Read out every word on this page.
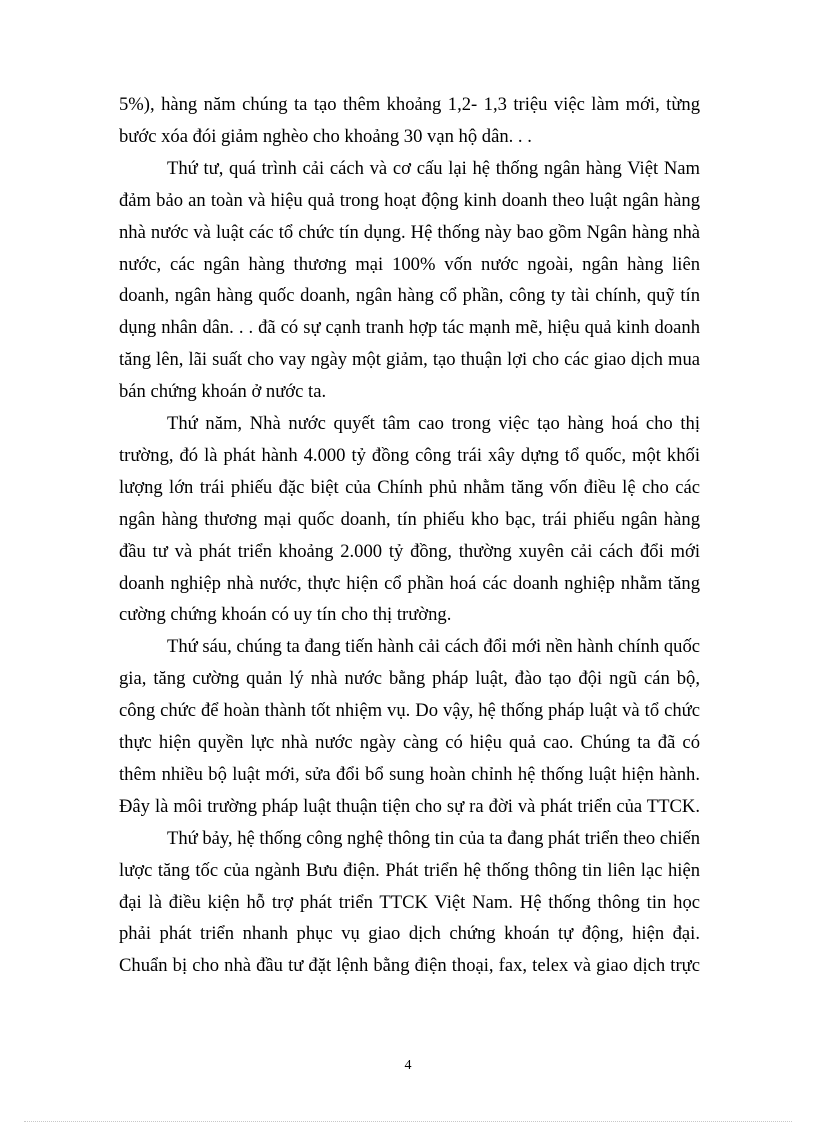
5%), hàng năm chúng ta tạo thêm khoảng 1,2- 1,3 triệu việc làm mới, từng
bước xóa đói giảm nghèo cho khoảng 30 vạn hộ dân. . .
Thứ tư, quá trình cải cách và cơ cấu lại hệ thống ngân hàng Việt Nam
đảm bảo an toàn và hiệu quả trong hoạt động kinh doanh theo luật ngân hàng
nhà nước và luật các tổ chức tín dụng. Hệ thống này bao gồm Ngân hàng nhà
nước, các ngân hàng thương mại 100% vốn nước ngoài, ngân hàng liên
doanh, ngân hàng quốc doanh, ngân hàng cổ phần, công ty tài chính, quỹ tín
dụng nhân dân. . . đã có sự cạnh tranh hợp tác mạnh mẽ, hiệu quả kinh doanh
tăng lên, lãi suất cho vay ngày một giảm, tạo thuận lợi cho các giao dịch mua
bán chứng khoán ở nước ta.
Thứ năm, Nhà nước quyết tâm cao trong việc tạo hàng hoá cho thị
trường, đó là phát hành 4.000 tỷ đồng công trái xây dựng tổ quốc, một khối
lượng lớn trái phiếu đặc biệt của Chính phủ nhằm tăng vốn điều lệ cho các
ngân hàng thương mại quốc doanh, tín phiếu kho bạc, trái phiếu ngân hàng
đầu tư và phát triển khoảng 2.000 tỷ đồng, thường xuyên cải cách đổi mới
doanh nghiệp nhà nước, thực hiện cổ phần hoá các doanh nghiệp nhằm tăng
cường chứng khoán có uy tín cho thị trường.
Thứ sáu, chúng ta đang tiến hành cải cách đổi mới nền hành chính quốc
gia, tăng cường quản lý nhà nước bằng pháp luật, đào tạo đội ngũ cán bộ,
công chức để hoàn thành tốt nhiệm vụ. Do vậy, hệ thống pháp luật và tổ chức
thực hiện quyền lực nhà nước ngày càng có hiệu quả cao. Chúng ta đã có
thêm nhiều bộ luật mới, sửa đổi bổ sung hoàn chỉnh hệ thống luật hiện hành.
Đây là môi trường pháp luật thuận tiện cho sự ra đời và phát triển của TTCK.
Thứ bảy, hệ thống công nghệ thông tin của ta đang phát triển theo chiến
lược tăng tốc của ngành Bưu điện. Phát triển hệ thống thông tin liên lạc hiện
đại là điều kiện hỗ trợ phát triển TTCK Việt Nam. Hệ thống thông tin học
phải phát triển nhanh phục vụ giao dịch chứng khoán tự động, hiện đại.
Chuẩn bị cho nhà đầu tư đặt lệnh bằng điện thoại, fax, telex và giao dịch trực
4
